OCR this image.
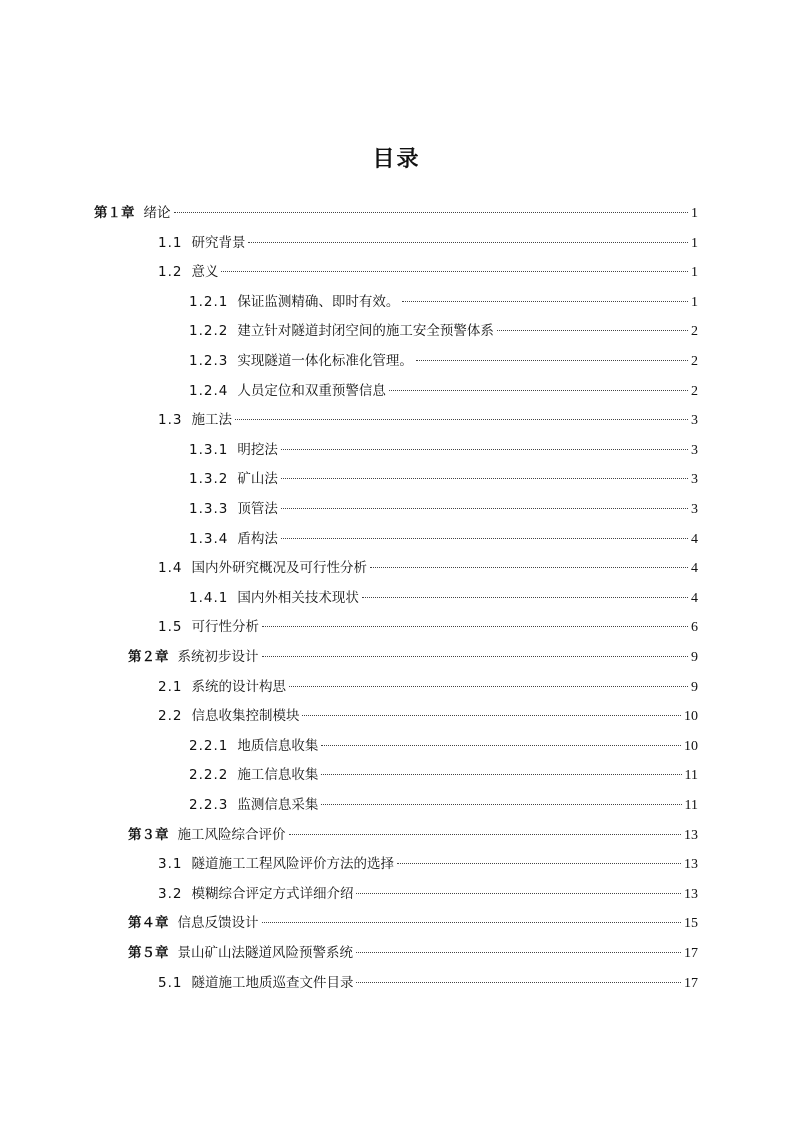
目录
第１章 绪论	1
1.1 研究背景	1
1.2 意义	1
1.2.1 保证监测精确、即时有效。	1
1.2.2 建立针对隧道封闭空间的施工安全预警体系	2
1.2.3 实现隧道一体化标准化管理。	2
1.2.4 人员定位和双重预警信息	2
1.3 施工法	3
1.3.1 明挖法	3
1.3.2 矿山法	3
1.3.3 顶管法	3
1.3.4 盾构法	4
1.4 国内外研究概况及可行性分析	4
1.4.1 国内外相关技术现状	4
1.5 可行性分析	6
第２章 系统初步设计	9
2.1 系统的设计构思	9
2.2 信息收集控制模块	10
2.2.1 地质信息收集	10
2.2.2 施工信息收集	11
2.2.3 监测信息采集	11
第３章 施工风险综合评价	13
3.1 隧道施工工程风险评价方法的选择	13
3.2 模糊综合评定方式详细介绍	13
第４章 信息反馈设计	15
第５章 景山矿山法隧道风险预警系统	17
5.1 隧道施工地质巡查文件目录	17
